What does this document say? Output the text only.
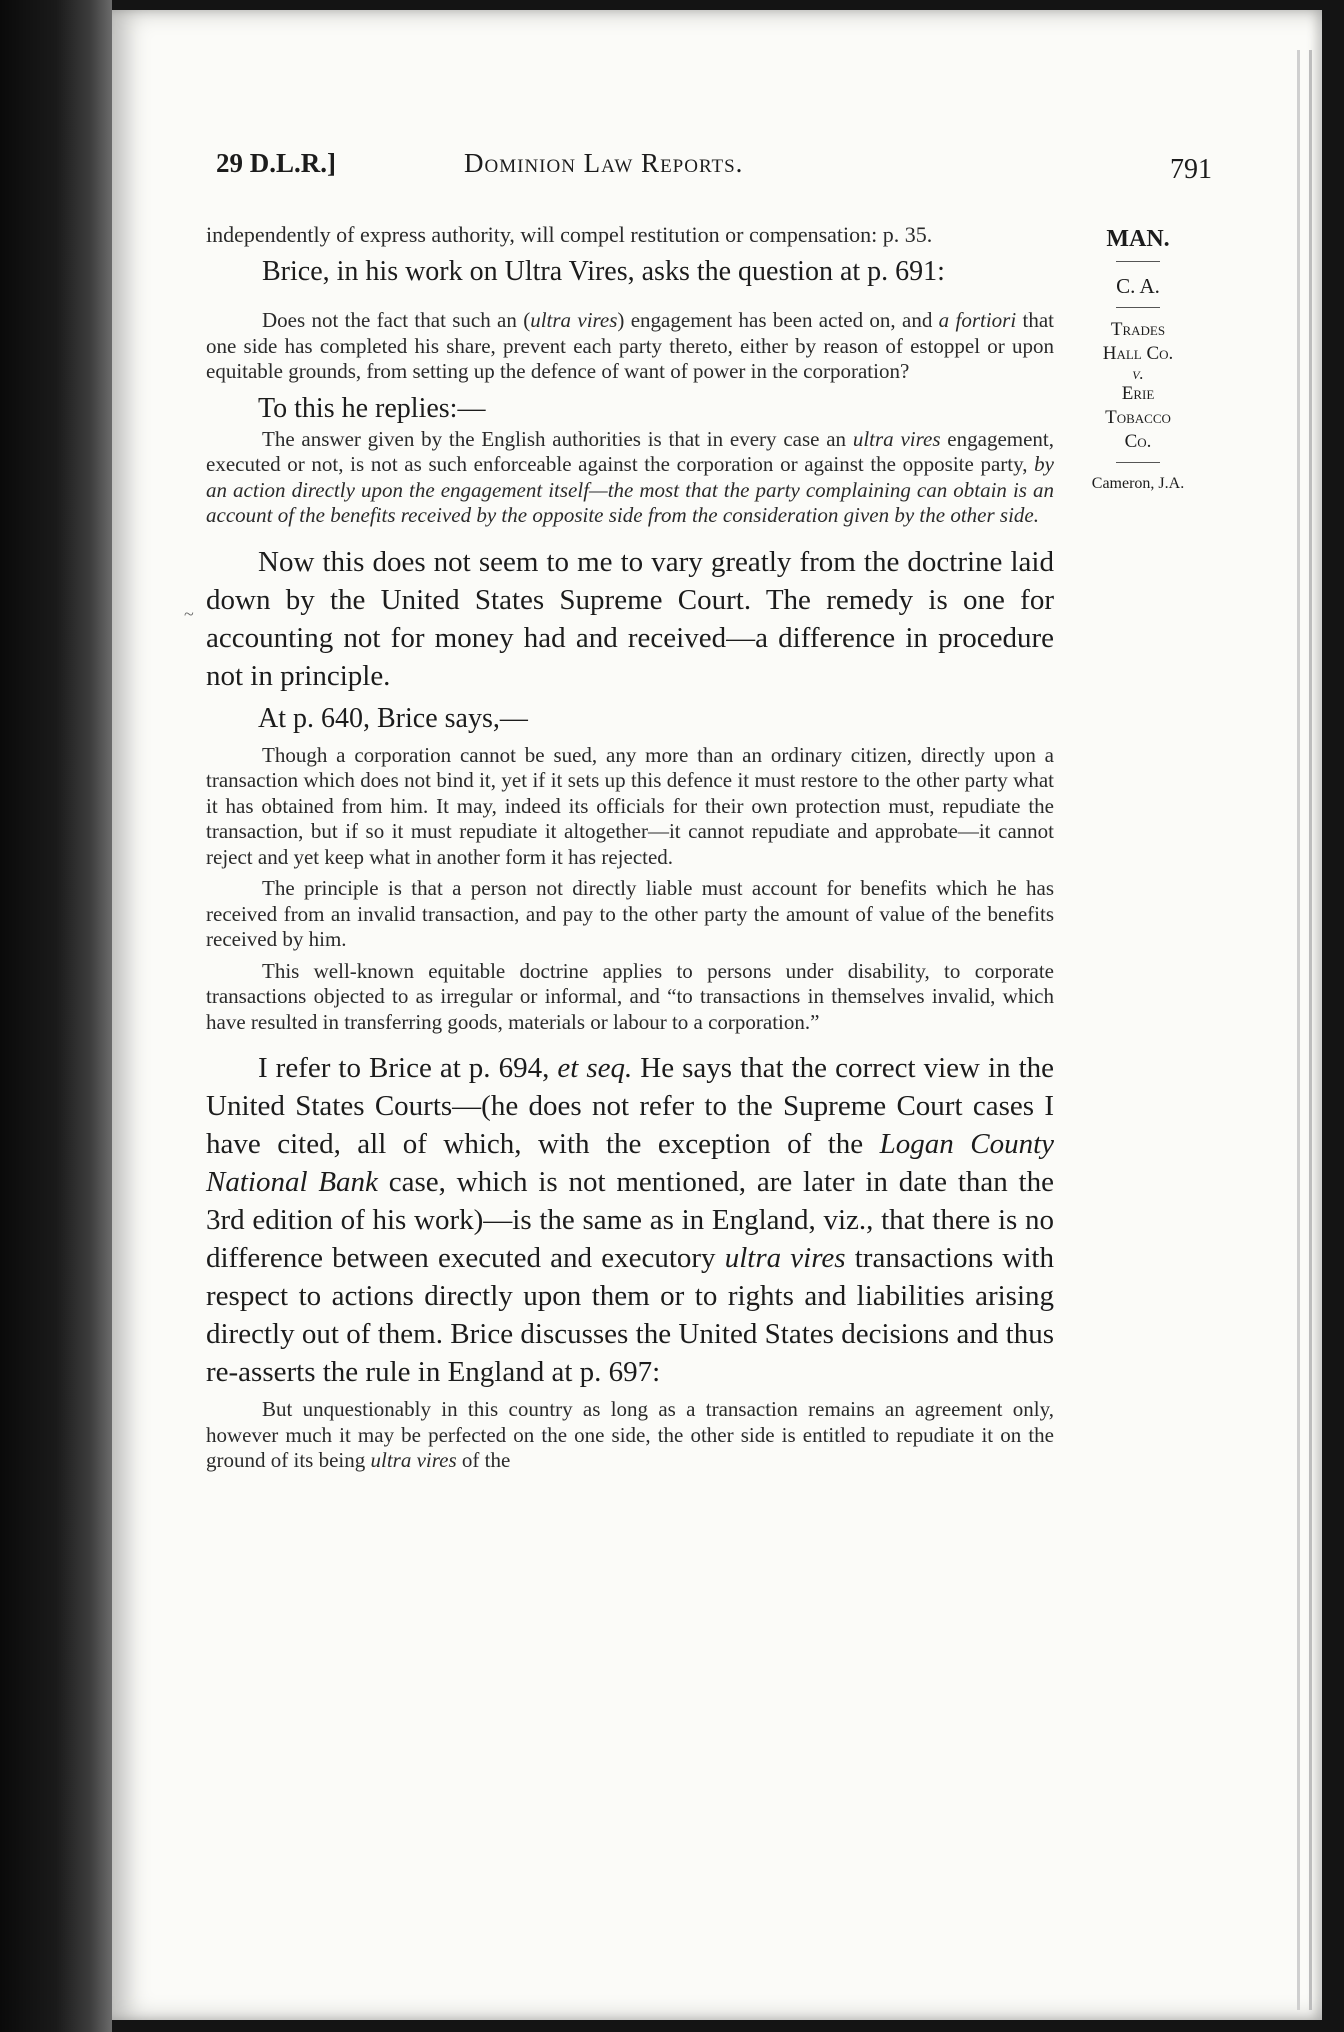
29 D.L.R.]	Dominion Law Reports.	791

MAN.

C. A.

Trades
Hall Co.
v.
Erie
Tobacco
Co.

Cameron, J.A.

~

independently of express authority, will compel restitution or compensation: p. 35.

Brice, in his work on Ultra Vires, asks the question at p. 691:

Does not the fact that such an (ultra vires) engagement has been acted on, and a fortiori that one side has completed his share, prevent each party thereto, either by reason of estoppel or upon equitable grounds, from setting up the defence of want of power in the corporation?

To this he replies:—

The answer given by the English authorities is that in every case an ultra vires engagement, executed or not, is not as such enforceable against the corporation or against the opposite party, by an action directly upon the engagement itself—the most that the party complaining can obtain is an account of the benefits received by the opposite side from the consideration given by the other side.

Now this does not seem to me to vary greatly from the doctrine laid down by the United States Supreme Court. The remedy is one for accounting not for money had and received—a difference in procedure not in principle.

At p. 640, Brice says,—

Though a corporation cannot be sued, any more than an ordinary citizen, directly upon a transaction which does not bind it, yet if it sets up this defence it must restore to the other party what it has obtained from him. It may, indeed its officials for their own protection must, repudiate the transaction, but if so it must repudiate it altogether—it cannot repudiate and approbate—it cannot reject and yet keep what in another form it has rejected.

The principle is that a person not directly liable must account for benefits which he has received from an invalid transaction, and pay to the other party the amount of value of the benefits received by him.

This well-known equitable doctrine applies to persons under disability, to corporate transactions objected to as irregular or informal, and “to transactions in themselves invalid, which have resulted in transferring goods, materials or labour to a corporation.”

I refer to Brice at p. 694, et seq. He says that the correct view in the United States Courts—(he does not refer to the Supreme Court cases I have cited, all of which, with the exception of the Logan County National Bank case, which is not mentioned, are later in date than the 3rd edition of his work)—is the same as in England, viz., that there is no difference between executed and executory ultra vires transactions with respect to actions directly upon them or to rights and liabilities arising directly out of them. Brice discusses the United States decisions and thus re-asserts the rule in England at p. 697:

But unquestionably in this country as long as a transaction remains an agreement only, however much it may be perfected on the one side, the other side is entitled to repudiate it on the ground of its being ultra vires of the
